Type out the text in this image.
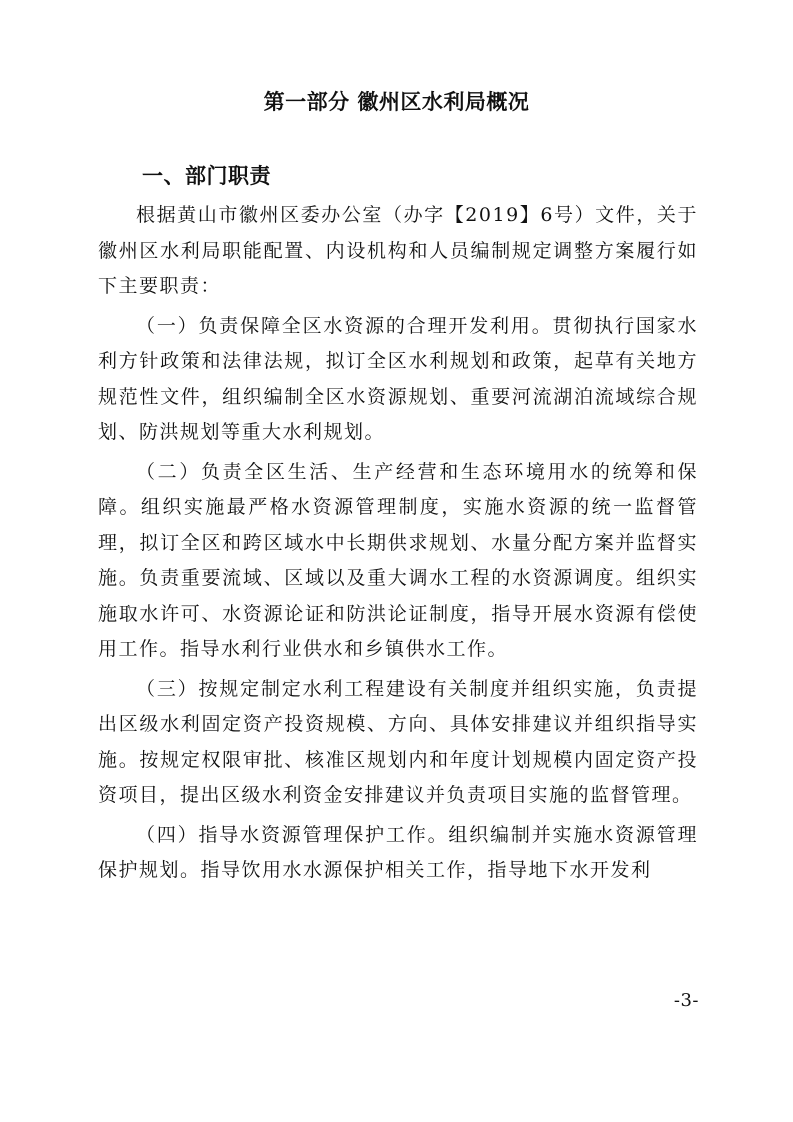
第一部分 徽州区水利局概况
一、部门职责

根据黄山市徽州区委办公室（办字【2019】6号）文件，关于徽州区水利局职能配置、内设机构和人员编制规定调整方案履行如下主要职责：

（一）负责保障全区水资源的合理开发利用。贯彻执行国家水利方针政策和法律法规，拟订全区水利规划和政策，起草有关地方规范性文件，组织编制全区水资源规划、重要河流湖泊流域综合规划、防洪规划等重大水利规划。

（二）负责全区生活、生产经营和生态环境用水的统筹和保障。组织实施最严格水资源管理制度，实施水资源的统一监督管理，拟订全区和跨区域水中长期供求规划、水量分配方案并监督实施。负责重要流域、区域以及重大调水工程的水资源调度。组织实施取水许可、水资源论证和防洪论证制度，指导开展水资源有偿使用工作。指导水利行业供水和乡镇供水工作。

（三）按规定制定水利工程建设有关制度并组织实施，负责提出区级水利固定资产投资规模、方向、具体安排建议并组织指导实施。按规定权限审批、核准区规划内和年度计划规模内固定资产投资项目，提出区级水利资金安排建议并负责项目实施的监督管理。

（四）指导水资源管理保护工作。组织编制并实施水资源管理保护规划。指导饮用水水源保护相关工作，指导地下水开发利

-3-
